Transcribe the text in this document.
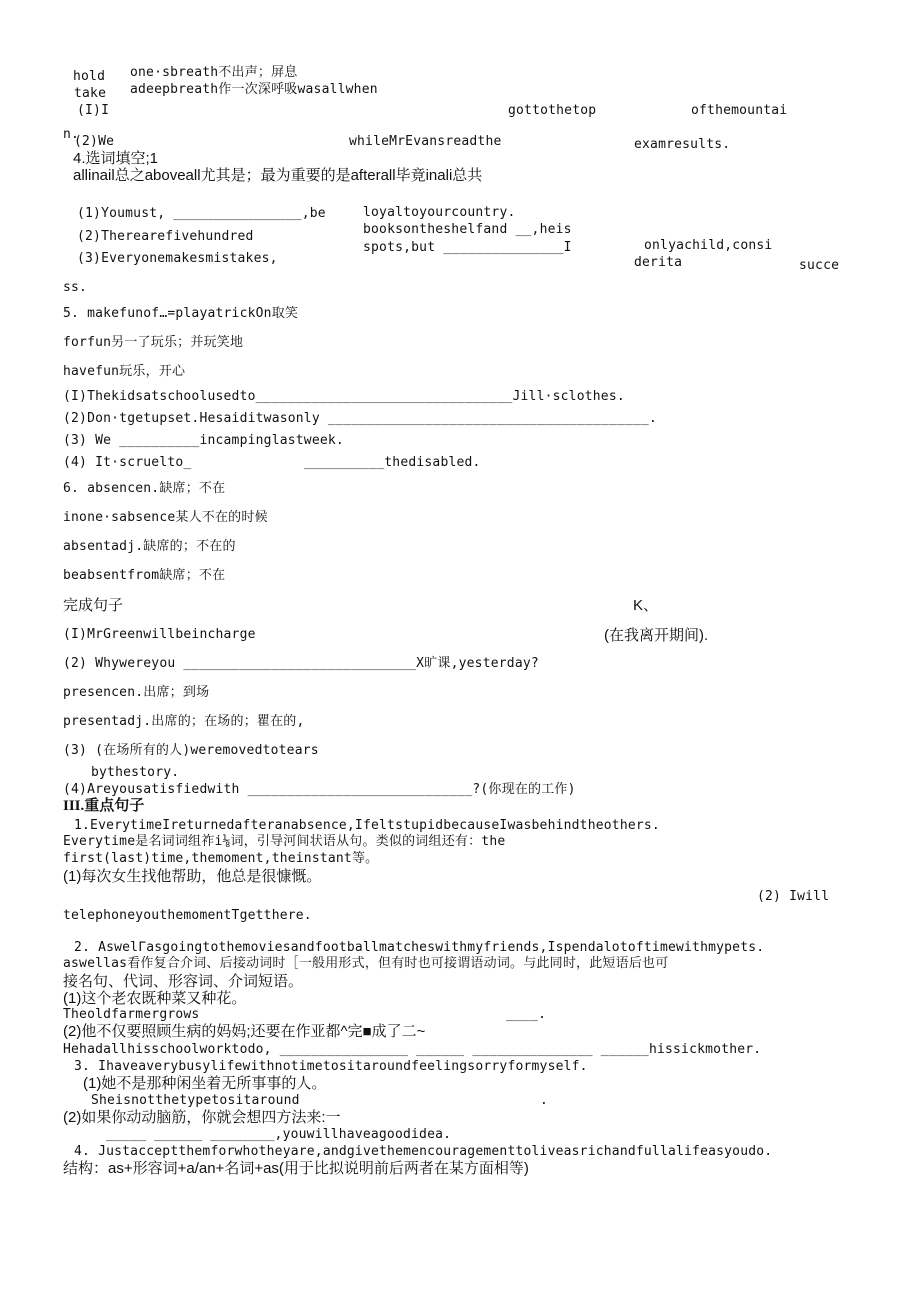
hold one·sbreath不出声；屏息
take adeepbreath作一次深呼吸wasallwhen
(I)I	gottothetop	ofthemountai
n.
(2)We	whileMrEvansreadthe	examresults.
4.选词填空;1
allinail总之aboveall尤其是；最为重要的是afterall毕竟inali总共
(1)Youmust, ________________,be	loyaltoyourcountry.
(2)Therearefivehundred	booksontheshelfand __,heis
(3)Everyonemakesmistakes,
spots,but _______________I	onlyachild,consi
derita	succe
ss.
5. makefunof…=playatrickOn取笑
forfun另一了玩乐；并玩笑地
havefun玩乐，开心
(I)Thekidsatschoolusedto________________________________Jill·sclothes.
(2)Don·tgetupset.Hesaiditwasonly ________________________________________.
(3) We __________incampinglastweek.
(4) It·scruelto_	__________thedisabled.
6. absencen.缺席；不在
inone·sabsence某人不在的时候
absentadj.缺席的；不在的
beabsentfrom缺席；不在
完成句子	K、
(I)MrGreenwillbeincharge	(在我离开期间).
(2) Whywereyou _____________________________X旷课,yesterday?
presencen.出席；到场
presentadj.出席的；在场的；瞿在的,
(3) (在场所有的人)weremovedtotears
bythestory.
(4)Areyousatisfiedwith ____________________________?(你现在的工作)
III.重点句子
1.EverytimeIreturnedafteranabsence,IfeltstupidbecauseIwasbehindtheothers.
Everytime是名词词组祚i⅛词，引导河间状语从句。类似的词组还有：the
first(last)time,themoment,theinstant等。
(1)每次女生找他帮助，他总是很慷慨。
(2) Iwill
telephoneyouthemomentTgetthere.
2. AswelΓasgoingtothemoviesandfootballmatcheswithmyfriends,Ispendalotoftimewithmypets.
aswellas看作复合介词、后接动词时［一般用形式，但有时也可接谓语动词。与此同时，此短语后也可
接名句、代词、形容词、介词短语。
(1)这个老农既种菜又种花。
Theoldfarmergrows	____.
(2)他不仅要照顾生病的妈妈;还要在作亚都^完■成了二~
Hehadallhisschoolworktodo, ________________ ______ _______________ ______hissickmother.
3. Ihaveaverybusylifewithnotimetositaroundfeelingsorryformyself.
(1)她不是那种闲坐着无所事事的人。
Sheisnotthetypetositaround	.
(2)如果你动动脑筋，你就会想四方法来:一
_____ ______ ________,youwillhaveagoodidea.
4. Justacceptthemforwhotheyare,andgivethemencouragementtoliveasrichandfullalifeasyoudo.
结构：as+形容词+a/an+名词+as(用于比拟说明前后两者在某方面相等)
